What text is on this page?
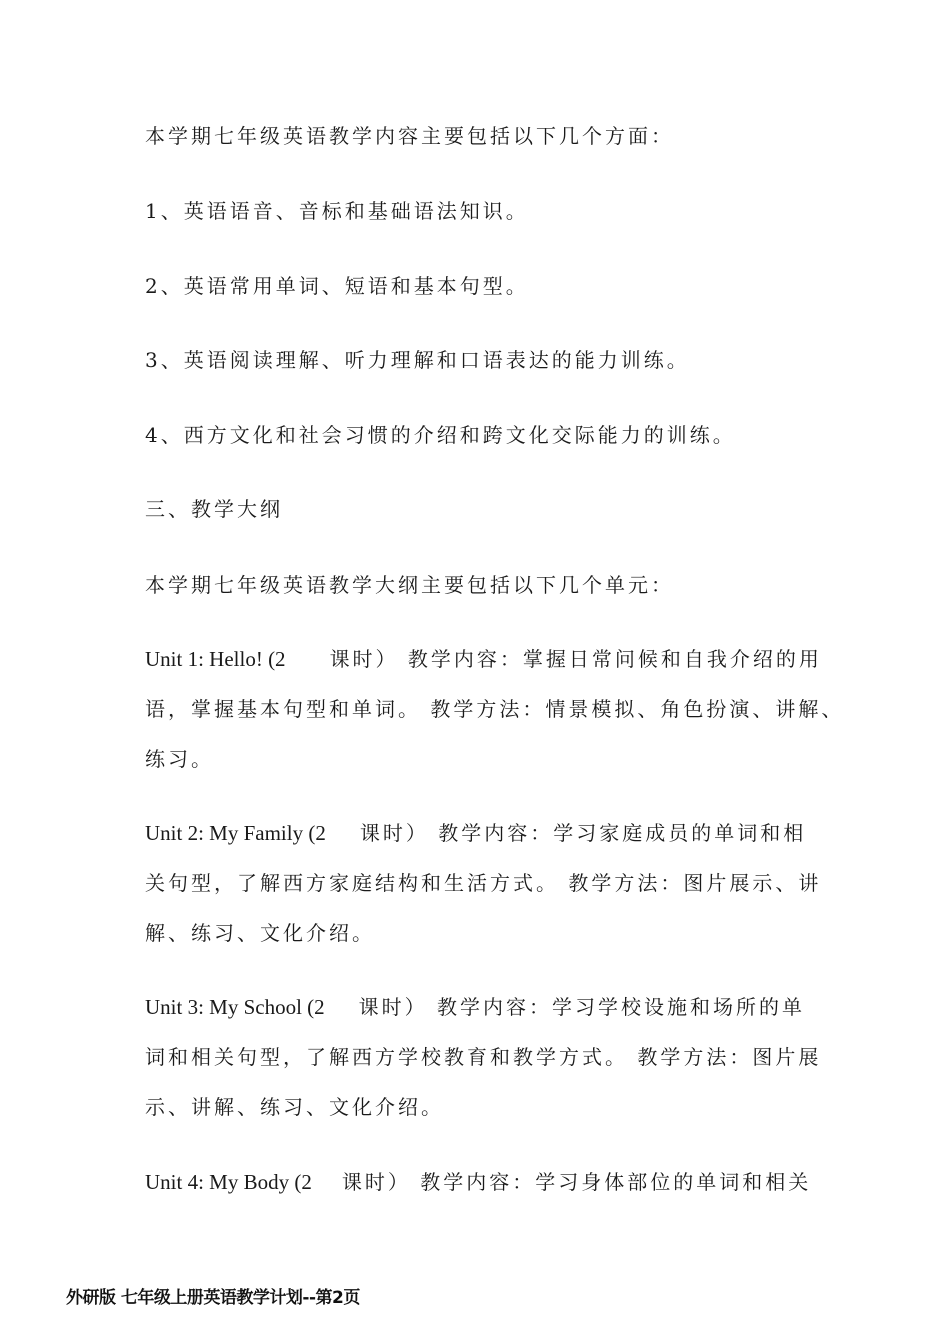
本学期七年级英语教学内容主要包括以下几个方面：
1、英语语音、音标和基础语法知识。
2、英语常用单词、短语和基本句型。
3、英语阅读理解、听力理解和口语表达的能力训练。
4、西方文化和社会习惯的介绍和跨文化交际能力的训练。
三、教学大纲
本学期七年级英语教学大纲主要包括以下几个单元：
Unit 1: Hello! (2 课时） 教学内容：掌握日常问候和自我介绍的用
语，掌握基本句型和单词。 教学方法：情景模拟、角色扮演、讲解、
练习。
Unit 2: My Family (2 课时） 教学内容：学习家庭成员的单词和相
关句型，了解西方家庭结构和生活方式。 教学方法：图片展示、讲
解、练习、文化介绍。
Unit 3: My School (2 课时） 教学内容：学习学校设施和场所的单
词和相关句型，了解西方学校教育和教学方式。 教学方法：图片展
示、讲解、练习、文化介绍。
Unit 4: My Body (2 课时） 教学内容：学习身体部位的单词和相关
外研版 七年级上册英语教学计划--第2页
